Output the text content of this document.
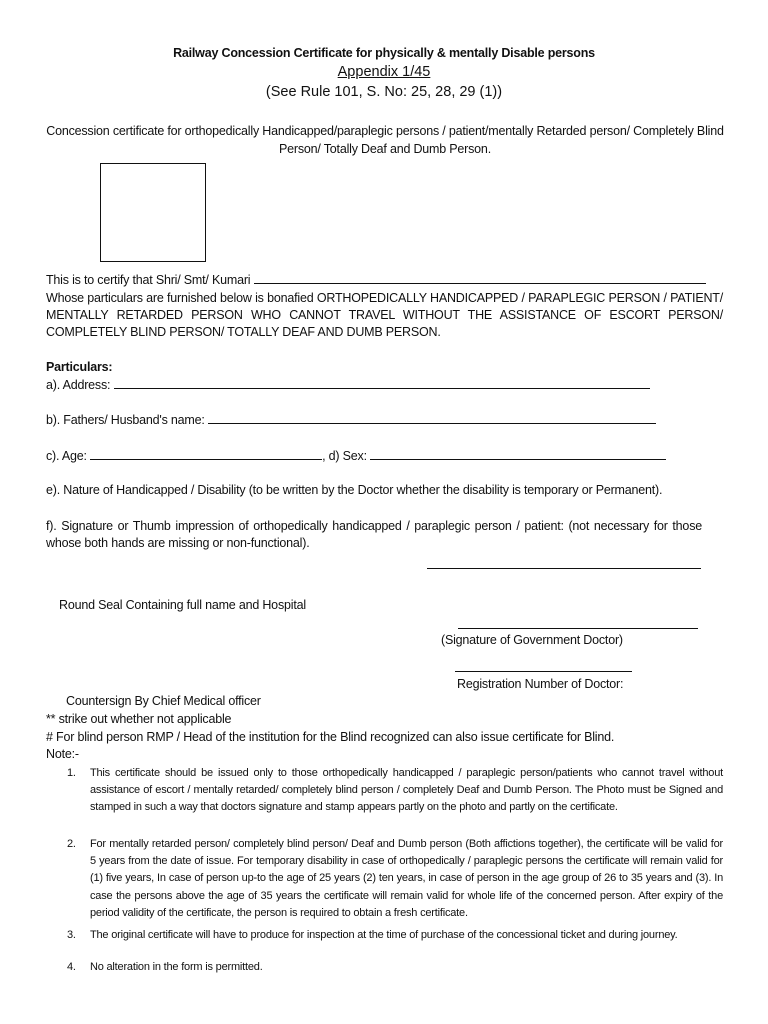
Railway Concession Certificate for physically & mentally Disable persons
Appendix 1/45
(See Rule 101, S. No: 25, 28, 29 (1))
Concession certificate for orthopedically Handicapped/paraplegic persons / patient/mentally Retarded person/ Completely Blind Person/ Totally Deaf and Dumb Person.
This is to certify that Shri/ Smt/ Kumari
Whose particulars are furnished below is bonafied ORTHOPEDICALLY HANDICAPPED / PARAPLEGIC PERSON / PATIENT/ MENTALLY RETARDED PERSON WHO CANNOT TRAVEL WITHOUT THE ASSISTANCE OF ESCORT PERSON/ COMPLETELY BLIND PERSON/ TOTALLY DEAF AND DUMB PERSON.
Particulars:
a). Address:
b). Fathers/ Husband's name:
c). Age:	, d) Sex:
e). Nature of Handicapped / Disability (to be written by the Doctor whether the disability is temporary or Permanent).
f). Signature or Thumb impression of orthopedically handicapped / paraplegic person / patient: (not necessary for those whose both hands are missing or non-functional).
Round Seal Containing full name and Hospital
(Signature of Government Doctor)
Registration Number of Doctor:
Countersign By Chief Medical officer
** strike out whether not applicable
# For blind person RMP / Head of the institution for the Blind recognized can also issue certificate for Blind.
Note:-
1. This certificate should be issued only to those orthopedically handicapped / paraplegic person/patients who cannot travel without assistance of escort / mentally retarded/ completely blind person / completely Deaf and Dumb Person. The Photo must be Signed and stamped in such a way that doctors signature and stamp appears partly on the photo and partly on the certificate.
2. For mentally retarded person/ completely blind person/ Deaf and Dumb person (Both affictions together), the certificate will be valid for 5 years from the date of issue. For temporary disability in case of orthopedically / paraplegic persons the certificate will remain valid for (1) five years, In case of person up-to the age of 25 years (2) ten years, in case of person in the age group of 26 to 35 years and (3). In case the persons above the age of 35 years the certificate will remain valid for whole life of the concerned person. After expiry of the period validity of the certificate, the person is required to obtain a fresh certificate.
3. The original certificate will have to produce for inspection at the time of purchase of the concessional ticket and during journey.
4. No alteration in the form is permitted.
